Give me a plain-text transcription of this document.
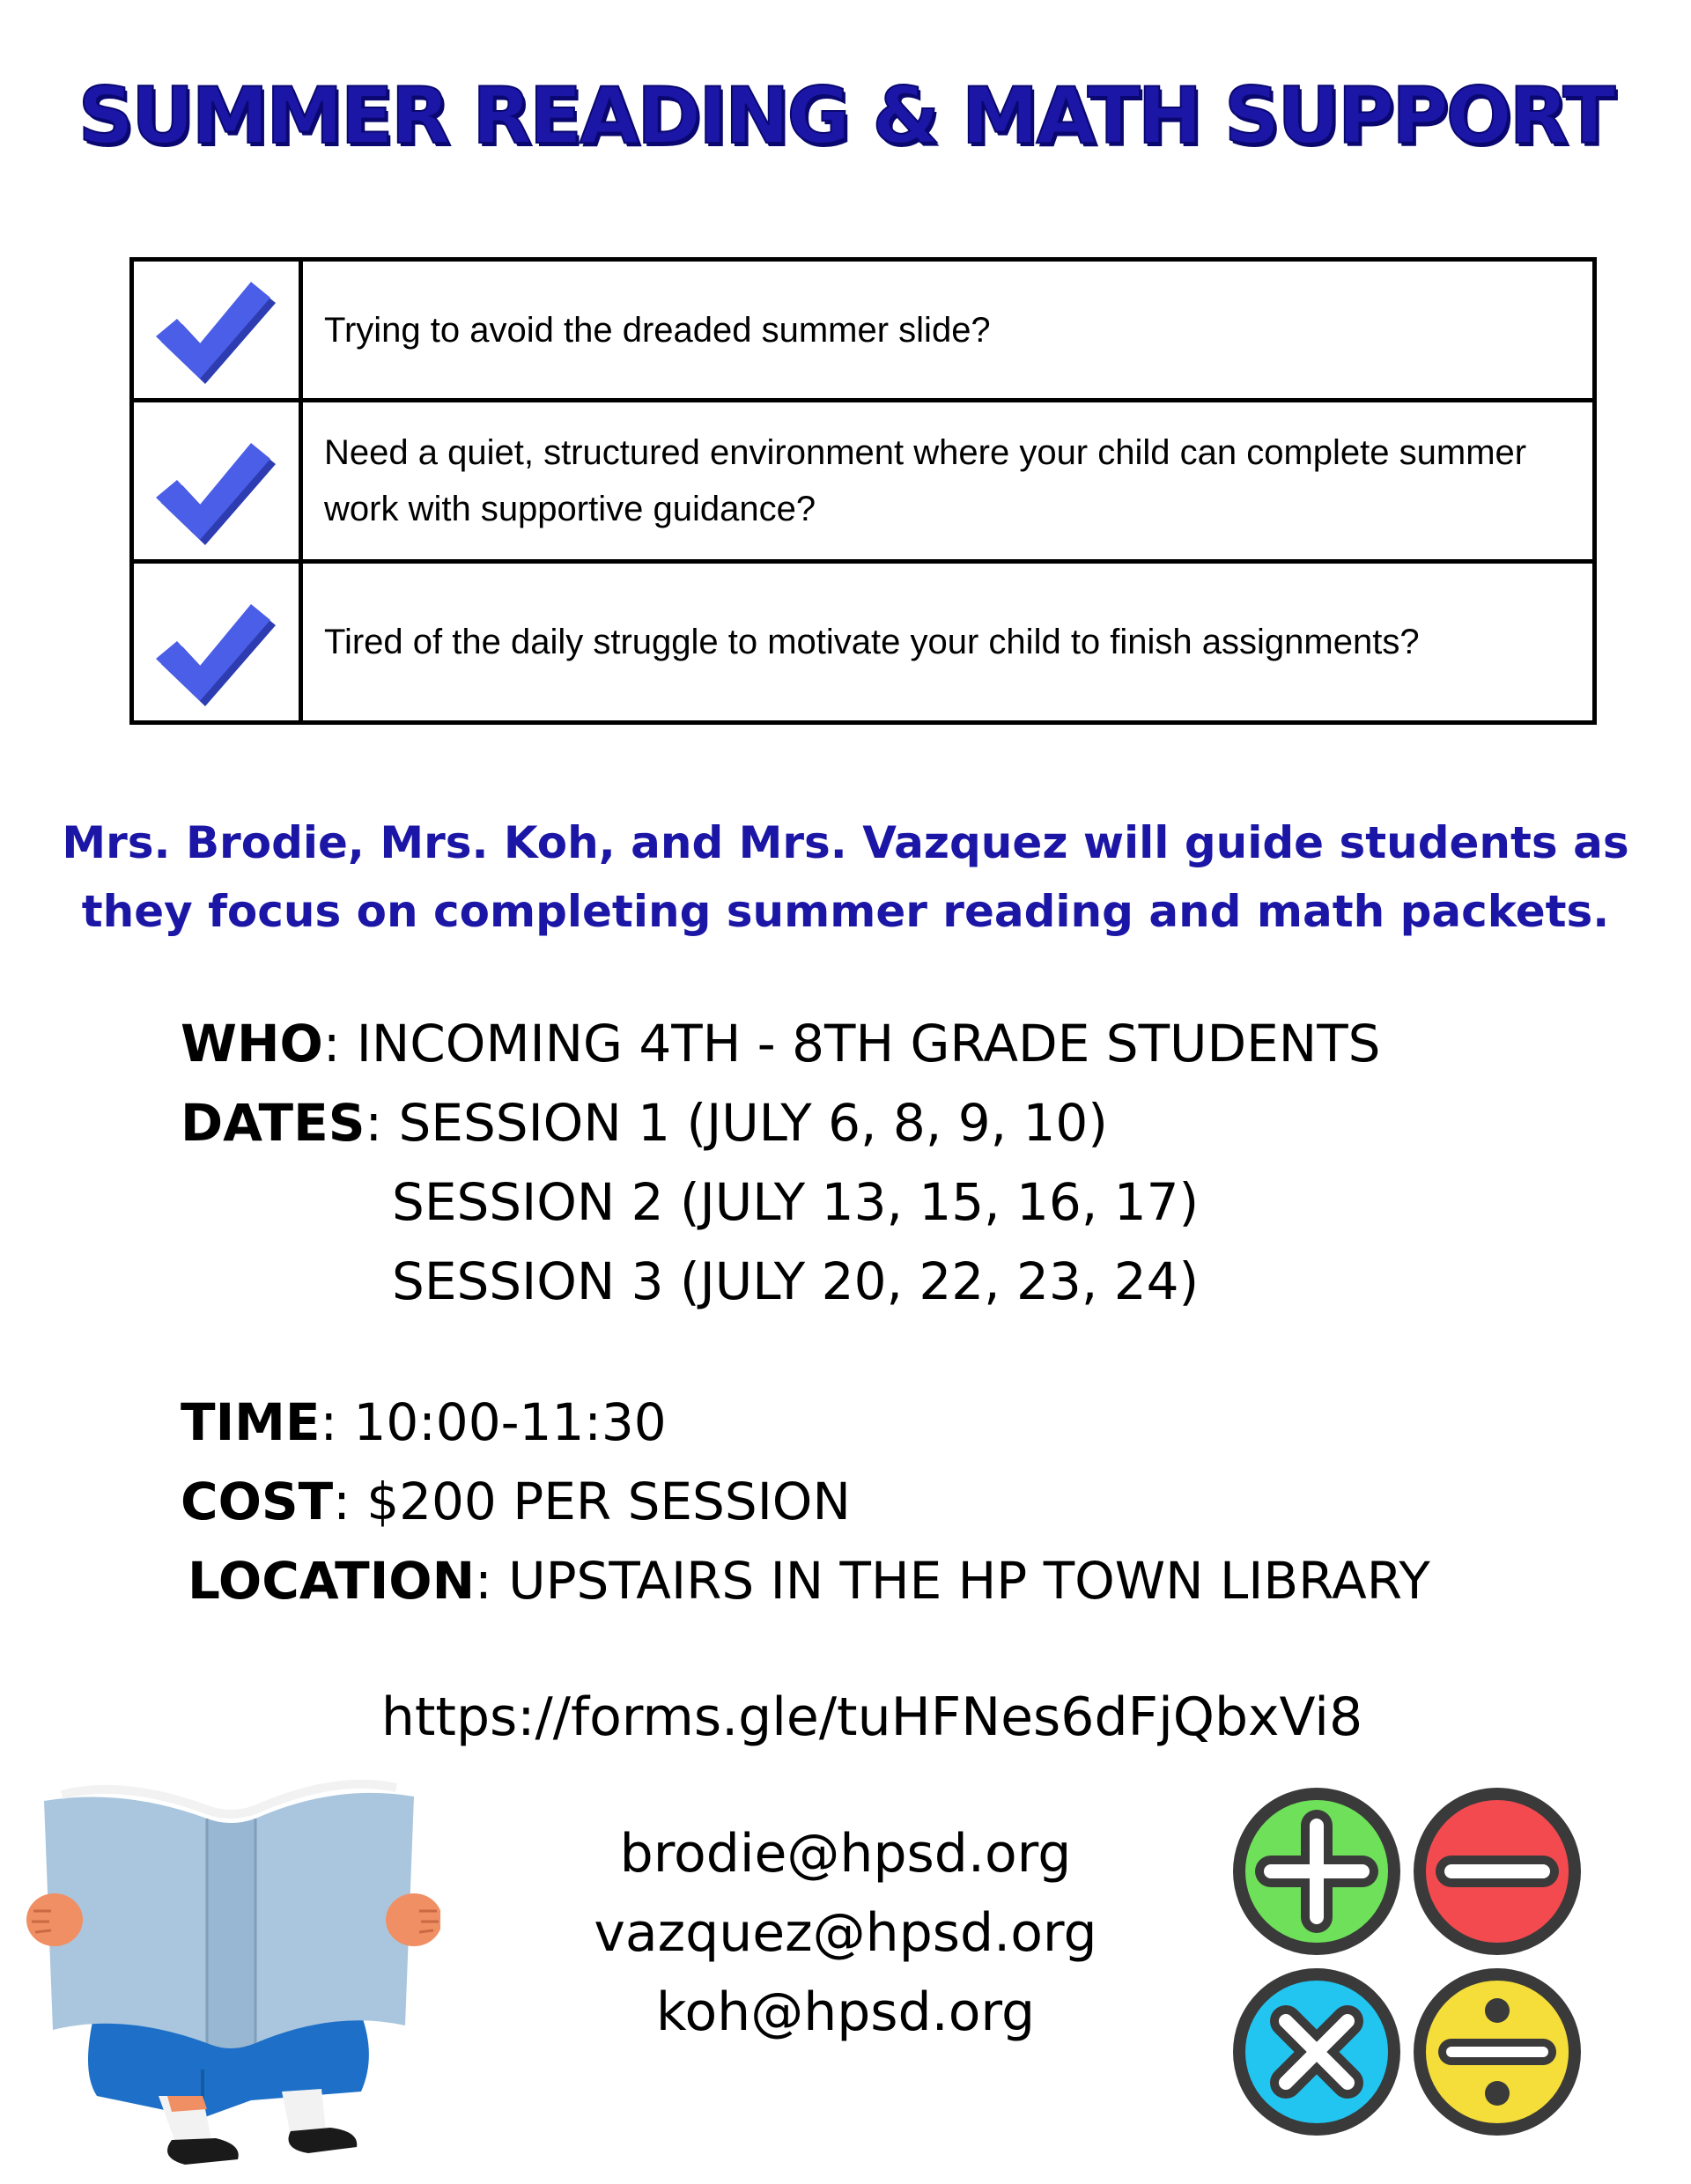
SUMMER READING & MATH SUPPORT
	Trying to avoid the dreaded summer slide?

	Need a quiet, structured environment where your child can complete summer work with supportive guidance?

	Tired of the daily struggle to motivate your child to finish assignments?

Mrs. Brodie, Mrs. Koh, and Mrs. Vazquez will guide students as
they focus on completing summer reading and math packets.

WHO: INCOMING 4TH - 8TH GRADE STUDENTS
DATES: SESSION 1 (JULY 6, 8, 9, 10)
SESSION 2 (JULY 13, 15, 16, 17)
SESSION 3 (JULY 20, 22, 23, 24)
TIME: 10:00-11:30
COST: $200 PER SESSION
LOCATION: UPSTAIRS IN THE HP TOWN LIBRARY
https://forms.gle/tuHFNes6dFjQbxVi8
brodie@hpsd.org
vazquez@hpsd.org
koh@hpsd.org
